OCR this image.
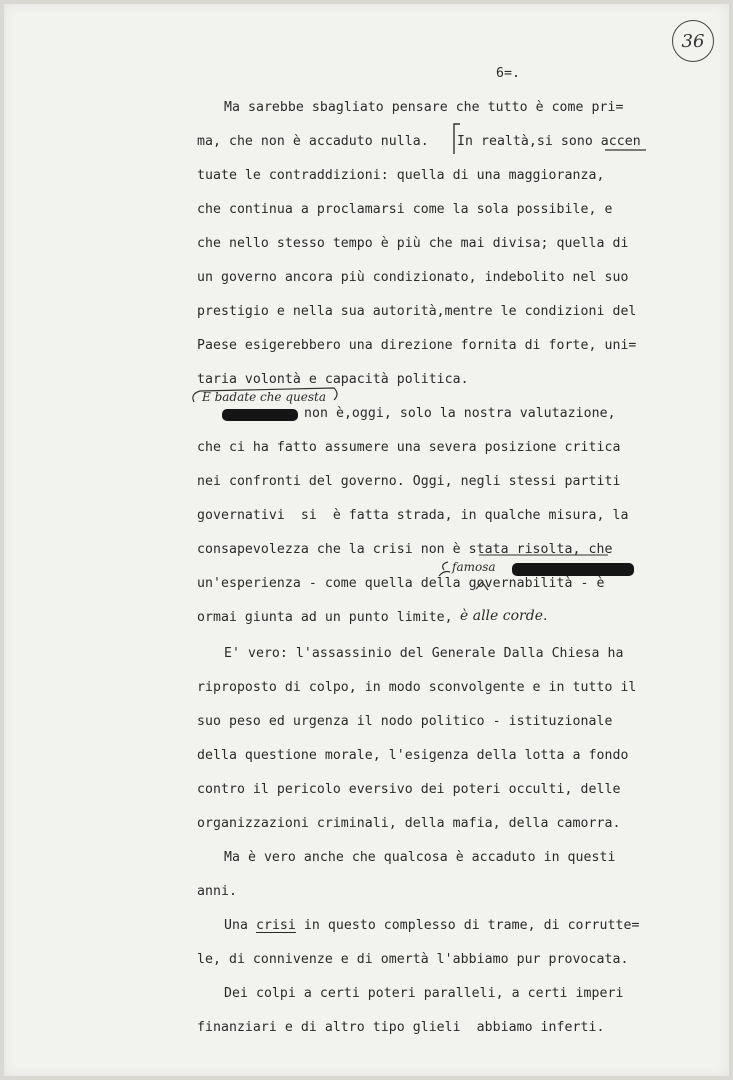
36
6=.
Ma sarebbe sbagliato pensare che tutto è come pri=
ma, che non è accaduto nulla. In realtà,si sono accen
tuate le contraddizioni: quella di una maggioranza,
che continua a proclamarsi come la sola possibile, e
che nello stesso tempo è più che mai divisa; quella di
un governo ancora più condizionato, indebolito nel suo
prestigio e nella sua autorità,mentre le condizioni del
Paese esigerebbero una direzione fornita di forte, uni=
taria volontà e capacità politica.
E badate che questa
non è,oggi, solo la nostra valutazione,
che ci ha fatto assumere una severa posizione critica
nei confronti del governo. Oggi, negli stessi partiti
governativi  si  è fatta strada, in qualche misura, la
consapevolezza che la crisi non è stata risolta, che
famosa
un'esperienza - come quella della governabilità - è
ormai giunta ad un punto limite, è alle corde.
E' vero: l'assassinio del Generale Dalla Chiesa ha
riproposto di colpo, in modo sconvolgente e in tutto il
suo peso ed urgenza il nodo politico - istituzionale
della questione morale, l'esigenza della lotta a fondo
contro il pericolo eversivo dei poteri occulti, delle
organizzazioni criminali, della mafia, della camorra.
Ma è vero anche che qualcosa è accaduto in questi
anni.
Una crisi in questo complesso di trame, di corrutte=
le, di connivenze e di omertà l'abbiamo pur provocata.
Dei colpi a certi poteri paralleli, a certi imperi
finanziari e di altro tipo glieli  abbiamo inferti.
